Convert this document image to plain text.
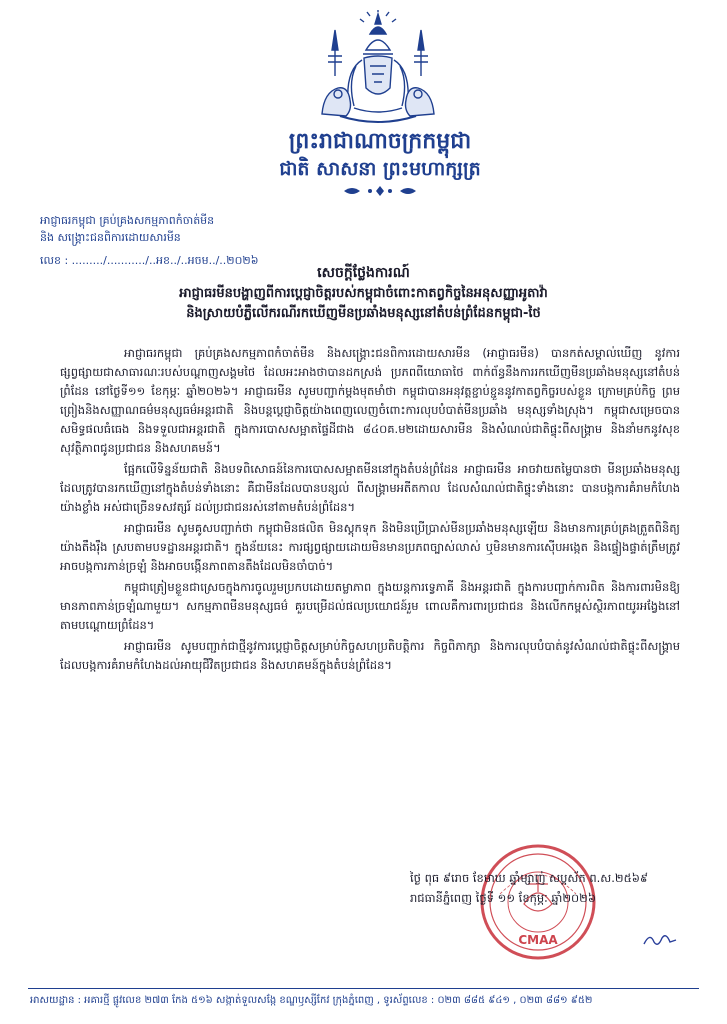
ព្រះរាជាណាចក្រកម្ពុជា
ជាតិ សាសនា ព្រះមហាក្សត្រ
អាជ្ញាធរកម្ពុជា គ្រប់គ្រងសកម្មភាពកំចាត់មីន
និង សង្គ្រោះជនពិការដោយសារមីន
លេខ : ........./.........../..អខ../..អចម../..២០២៦
សេចក្តីថ្លែងការណ៍
អាជ្ញាធរមីនបង្ហាញពីការប្តេជ្ញាចិត្តរបស់កម្ពុជាចំពោះកាតព្វកិច្ចនៃអនុសញ្ញាអូតាវ៉ា
និងស្រាយបំភ្លឺលើករណីរកឃើញមីនប្រឆាំងមនុស្សនៅតំបន់ព្រំដែនកម្ពុជា-ថៃ

អាជ្ញាធរកម្ពុជា គ្រប់គ្រងសកម្មភាពកំចាត់មីន និងសង្គ្រោះជនពិការដោយសារមីន (អាជ្ញាធរមីន) បានកត់សម្គាល់ឃើញ នូវការផ្សព្វផ្សាយជាសាធារណៈរបស់បណ្តាញសង្គមថៃ ដែលអះអាងថាបានដកស្រង់ ប្រភពពីយោធាថៃ ពាក់ព័ន្ធនឹងការរកឃើញមីនប្រឆាំងមនុស្សនៅតំបន់ព្រំដែន នៅថ្ងៃទី១១ ខែកុម្ភៈ ឆ្នាំ២០២៦។ អាជ្ញាធរមីន សូមបញ្ជាក់ម្តងមុតមាំថា កម្ពុជាបានអនុវត្តខ្ជាប់ខ្ជួននូវកាតព្វកិច្ចរបស់ខ្លួន ក្រោមគ្រប់កិច្ច ព្រមព្រៀងនិងសញ្ញាណធម៌មនុស្សធម៌អន្តរជាតិ និងបន្តប្តេជ្ញាចិត្តយ៉ាងពេញលេញចំពោះការលុបបំបាត់មីនប្រឆាំង មនុស្សទាំងស្រុង។ កម្ពុជាសម្រេចបានសមិទ្ធផលធំធេង និងទទួលជាអន្តរជាតិ ក្នុងការបោសសម្អាតផ្ទៃដីជាង ៨៤០គ.ម២ដោយសារមីន និងសំណល់ជាតិផ្ទុះពីសង្គ្រាម និងនាំមកនូវសុខសុវត្ថិភាពជូនប្រជាជន និងសហគមន៍។

ផ្អែកលើទិន្នន័យជាតិ និងបទពិសោធន៍នៃការបោសសម្អាតមីននៅក្នុងតំបន់ព្រំដែន អាជ្ញាធរមីន អាចវាយតម្លៃបានថា មីនប្រឆាំងមនុស្សដែលត្រូវបានរកឃើញនៅក្នុងតំបន់ទាំងនោះ គឺជាមីនដែលបានបន្សល់ ពីសង្គ្រាមអតីតកាល ដែលសំណល់ជាតិផ្ទុះទាំងនោះ បានបង្កការគំរាមកំហែងយ៉ាងខ្លាំង អស់ជាច្រើនទសវត្សរ៍ ដល់ប្រជាជនរស់នៅតាមតំបន់ព្រំដែន។

អាជ្ញាធរមីន សូមគូសបញ្ជាក់ថា កម្ពុជាមិនផលិត មិនស្តុកទុក និងមិនប្រើប្រាស់មីនប្រឆាំងមនុស្សឡើយ និងមានការគ្រប់គ្រងត្រួតពិនិត្យយ៉ាងតឹងរ៉ឹង ស្របតាមបទដ្ឋានអន្តរជាតិ។ ក្នុងន័យនេះ ការផ្សព្វផ្សាយដោយមិនមានប្រភពច្បាស់លាស់ ឬមិនមានការស៊ើបអង្កេត និងផ្ទៀងផ្ទាត់ត្រឹមត្រូវ អាចបង្កការភាន់ច្រឡំ និងអាចបង្កើនភាពតានតឹងដែលមិនចាំបាច់។

កម្ពុជាត្រៀមខ្លួនជាស្រេចក្នុងការចូលរួមប្រកបដោយតម្លាភាព ក្នុងយន្តការទ្វេភាគី និងអន្តរជាតិ ក្នុងការបញ្ជាក់ការពិត និងការពារមិនឱ្យមានភាពភាន់ច្រឡំណាមួយ។ សកម្មភាពមីនមនុស្សធម៌ គួរបម្រើដល់ផលប្រយោជន៍រួម ពោលគឺការពារប្រជាជន និងលើកកម្ពស់ស្ថិរភាពយូរអង្វែងនៅតាមបណ្តោយព្រំដែន។

អាជ្ញាធរមីន សូមបញ្ជាក់ជាថ្មីនូវការប្តេជ្ញាចិត្តសម្រាប់កិច្ចសហប្រតិបត្តិការ កិច្ចពិភាក្សា និងការលុបបំបាត់នូវសំណល់ជាតិផ្ទុះពីសង្គ្រាម ដែលបង្កការគំរាមកំហែងដល់អាយុជីវិតប្រជាជន និងសហគមន៍ក្នុងតំបន់ព្រំដែន។

CMAA
ថ្ងៃ ពុធ ៩រោច ខែមាឃ ឆ្នាំម្សាញ់ សប្តស័ក ព.ស.២៥៦៩
រាជធានីភ្នំពេញ ថ្ងៃទី ១១ ខែកុម្ភៈ ឆ្នាំ២០២៦
អាសយដ្ឋាន : អគារថ្មី ផ្លូវលេខ ២៧៣ កែង ៥១៦ សង្កាត់ទួលសង្កែ ខណ្ឌឫស្សីកែវ ក្រុងភ្នំពេញ , ទូរស័ព្ទលេខ : ០២៣ ៨៨៥ ៩៤១ , ០២៣ ៨៨១ ៩៥២
